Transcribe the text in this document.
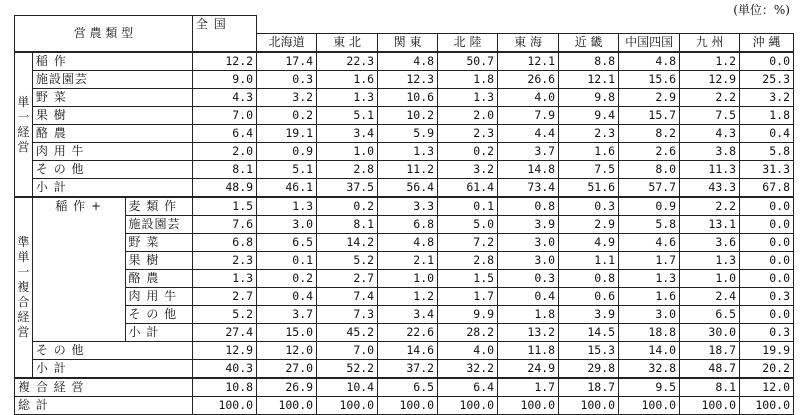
(単位：%)
営 農 類 型			全 国									
				北海道	東 北	関 東	北 陸	東 海	近 畿	中国四国	九 州	沖 縄
単一経営	稲 作		12.2	17.4	22.3	4.8	50.7	12.1	8.8	4.8	1.2	0.0
	施設園芸		9.0	0.3	1.6	12.3	1.8	26.6	12.1	15.6	12.9	25.3
	野 菜		4.3	3.2	1.3	10.6	1.3	4.0	9.8	2.9	2.2	3.2
	果 樹		7.0	0.2	5.1	10.2	2.0	7.9	9.4	15.7	7.5	1.8
	酪 農		6.4	19.1	3.4	5.9	2.3	4.4	2.3	8.2	4.3	0.4
	肉 用 牛		2.0	0.9	1.0	1.3	0.2	3.7	1.6	2.6	3.8	5.8
	そ の 他		8.1	5.1	2.8	11.2	3.2	14.8	7.5	8.0	11.3	31.3
	小 計		48.9	46.1	37.5	56.4	61.4	73.4	51.6	57.7	43.3	67.8
準単一複合経営	稲 作 +	麦 類 作	1.5	1.3	0.2	3.3	0.1	0.8	0.3	0.9	2.2	0.0
		施設園芸	7.6	3.0	8.1	6.8	5.0	3.9	2.9	5.8	13.1	0.0
		野 菜	6.8	6.5	14.2	4.8	7.2	3.0	4.9	4.6	3.6	0.0
		果 樹	2.3	0.1	5.2	2.1	2.8	3.0	1.1	1.7	1.3	0.0
		酪 農	1.3	0.2	2.7	1.0	1.5	0.3	0.8	1.3	1.0	0.0
		肉 用 牛	2.7	0.4	7.4	1.2	1.7	0.4	0.6	1.6	2.4	0.3
		そ の 他	5.2	3.7	7.3	3.4	9.9	1.8	3.9	3.0	6.5	0.0
		小 計	27.4	15.0	45.2	22.6	28.2	13.2	14.5	18.8	30.0	0.3
	そ の 他		12.9	12.0	7.0	14.6	4.0	11.8	15.3	14.0	18.7	19.9
	小 計		40.3	27.0	52.2	37.2	32.2	24.9	29.8	32.8	48.7	20.2
複 合 経 営			10.8	26.9	10.4	6.5	6.4	1.7	18.7	9.5	8.1	12.0
総 計			100.0	100.0	100.0	100.0	100.0	100.0	100.0	100.0	100.0	100.0
